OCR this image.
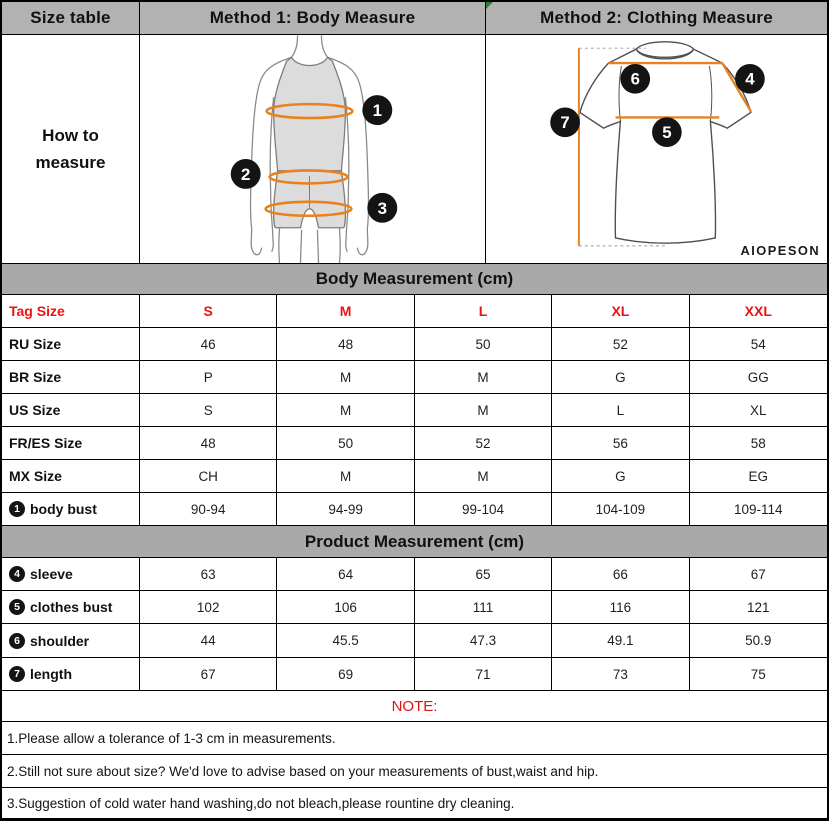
Size table	Method 1: Body Measure	Method 2: Clothing Measure
How to measure
1
2
3
6	4
7
5
AIOPESON
Body Measurement (cm)
Tag Size	S	M	L	XL	XXL
RU Size	46	48	50	52	54
BR Size	P	M	M	G	GG
US Size	S	M	M	L	XL
FR/ES Size	48	50	52	56	58
MX Size	CH	M	M	G	EG
1 body bust	90-94	94-99	99-104	104-109	109-114
Product Measurement (cm)
4 sleeve	63	64	65	66	67
5 clothes bust	102	106	111	116	121
6 shoulder	44	45.5	47.3	49.1	50.9
7 length	67	69	71	73	75
NOTE:
1.Please allow a tolerance of 1-3 cm in measurements.
2.Still not sure about size? We'd love to advise based on your measurements of bust,waist and hip.
3.Suggestion of cold water hand washing,do not bleach,please rountine dry cleaning.
